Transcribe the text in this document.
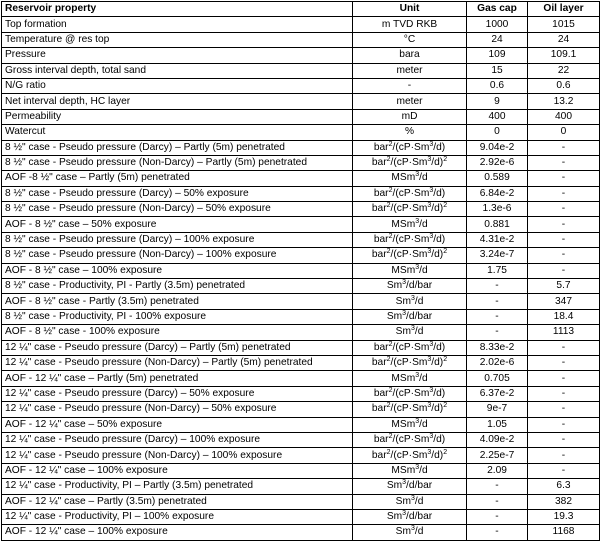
Reservoir property	Unit	Gas cap	Oil layer
Top formation	m TVD RKB	1000	1015
Temperature @ res top	°C	24	24
Pressure	bara	109	109.1
Gross interval depth, total sand	meter	15	22
N/G ratio	-	0.6	0.6
Net interval depth, HC layer	meter	9	13.2
Permeability	mD	400	400
Watercut	%	0	0
8 ½" case - Pseudo pressure (Darcy) – Partly (5m) penetrated	$bar^2/(cP\cdot Sm^3/d)$	9.04e-2	-
8 ½" case - Pseudo pressure (Non-Darcy) – Partly (5m) penetrated	$bar^2/(cP\cdot Sm^3/d)^2$	2.92e-6	-
AOF -8 ½" case – Partly (5m) penetrated	MSm$^3$/d	0.589	-
8 ½" case - Pseudo pressure (Darcy) – 50% exposure	$bar^2/(cP\cdot Sm^3/d)$	6.84e-2	-
8 ½" case - Pseudo pressure (Non-Darcy) – 50% exposure	$bar^2/(cP\cdot Sm^3/d)^2$	1.3e-6	-
AOF - 8 ½" case – 50% exposure	MSm$^3$/d	0.881	-
8 ½" case - Pseudo pressure (Darcy) – 100% exposure	$bar^2/(cP\cdot Sm^3/d)$	4.31e-2	-
8 ½" case - Pseudo pressure (Non-Darcy) – 100% exposure	$bar^2/(cP\cdot Sm^3/d)^2$	3.24e-7	-
AOF - 8 ½" case – 100% exposure	MSm$^3$/d	1.75	-
8 ½" case - Productivity, PI - Partly (3.5m) penetrated	Sm$^3$/d/bar	-	5.7
AOF - 8 ½" case - Partly (3.5m) penetrated	Sm$^3$/d	-	347
8 ½" case - Productivity, PI - 100% exposure	Sm$^3$/d/bar	-	18.4
AOF - 8 ½" case - 100% exposure	Sm$^3$/d	-	1113
12 ¼" case - Pseudo pressure (Darcy) – Partly (5m) penetrated	$bar^2/(cP\cdot Sm^3/d)$	8.33e-2	-
12 ¼" case - Pseudo pressure (Non-Darcy) – Partly (5m) penetrated	$bar^2/(cP\cdot Sm^3/d)^2$	2.02e-6	-
AOF - 12 ¼" case – Partly (5m) penetrated	MSm$^3$/d	0.705	-
12 ¼" case - Pseudo pressure (Darcy) – 50% exposure	$bar^2/(cP\cdot Sm^3/d)$	6.37e-2	-
12 ¼" case - Pseudo pressure (Non-Darcy) – 50% exposure	$bar^2/(cP\cdot Sm^3/d)^2$	9e-7	-
AOF - 12 ¼" case – 50% exposure	MSm$^3$/d	1.05	-
12 ¼" case - Pseudo pressure (Darcy) – 100% exposure	$bar^2/(cP\cdot Sm^3/d)$	4.09e-2	-
12 ¼" case - Pseudo pressure (Non-Darcy) – 100% exposure	$bar^2/(cP\cdot Sm^3/d)^2$	2.25e-7	-
AOF - 12 ¼" case – 100% exposure	MSm$^3$/d	2.09	-
12 ¼" case - Productivity, PI – Partly (3.5m) penetrated	Sm$^3$/d/bar	-	6.3
AOF - 12 ¼" case – Partly (3.5m) penetrated	Sm$^3$/d	-	382
12 ¼" case - Productivity, PI – 100% exposure	Sm$^3$/d/bar	-	19.3
AOF - 12 ¼" case – 100% exposure	Sm$^3$/d	-	1168
